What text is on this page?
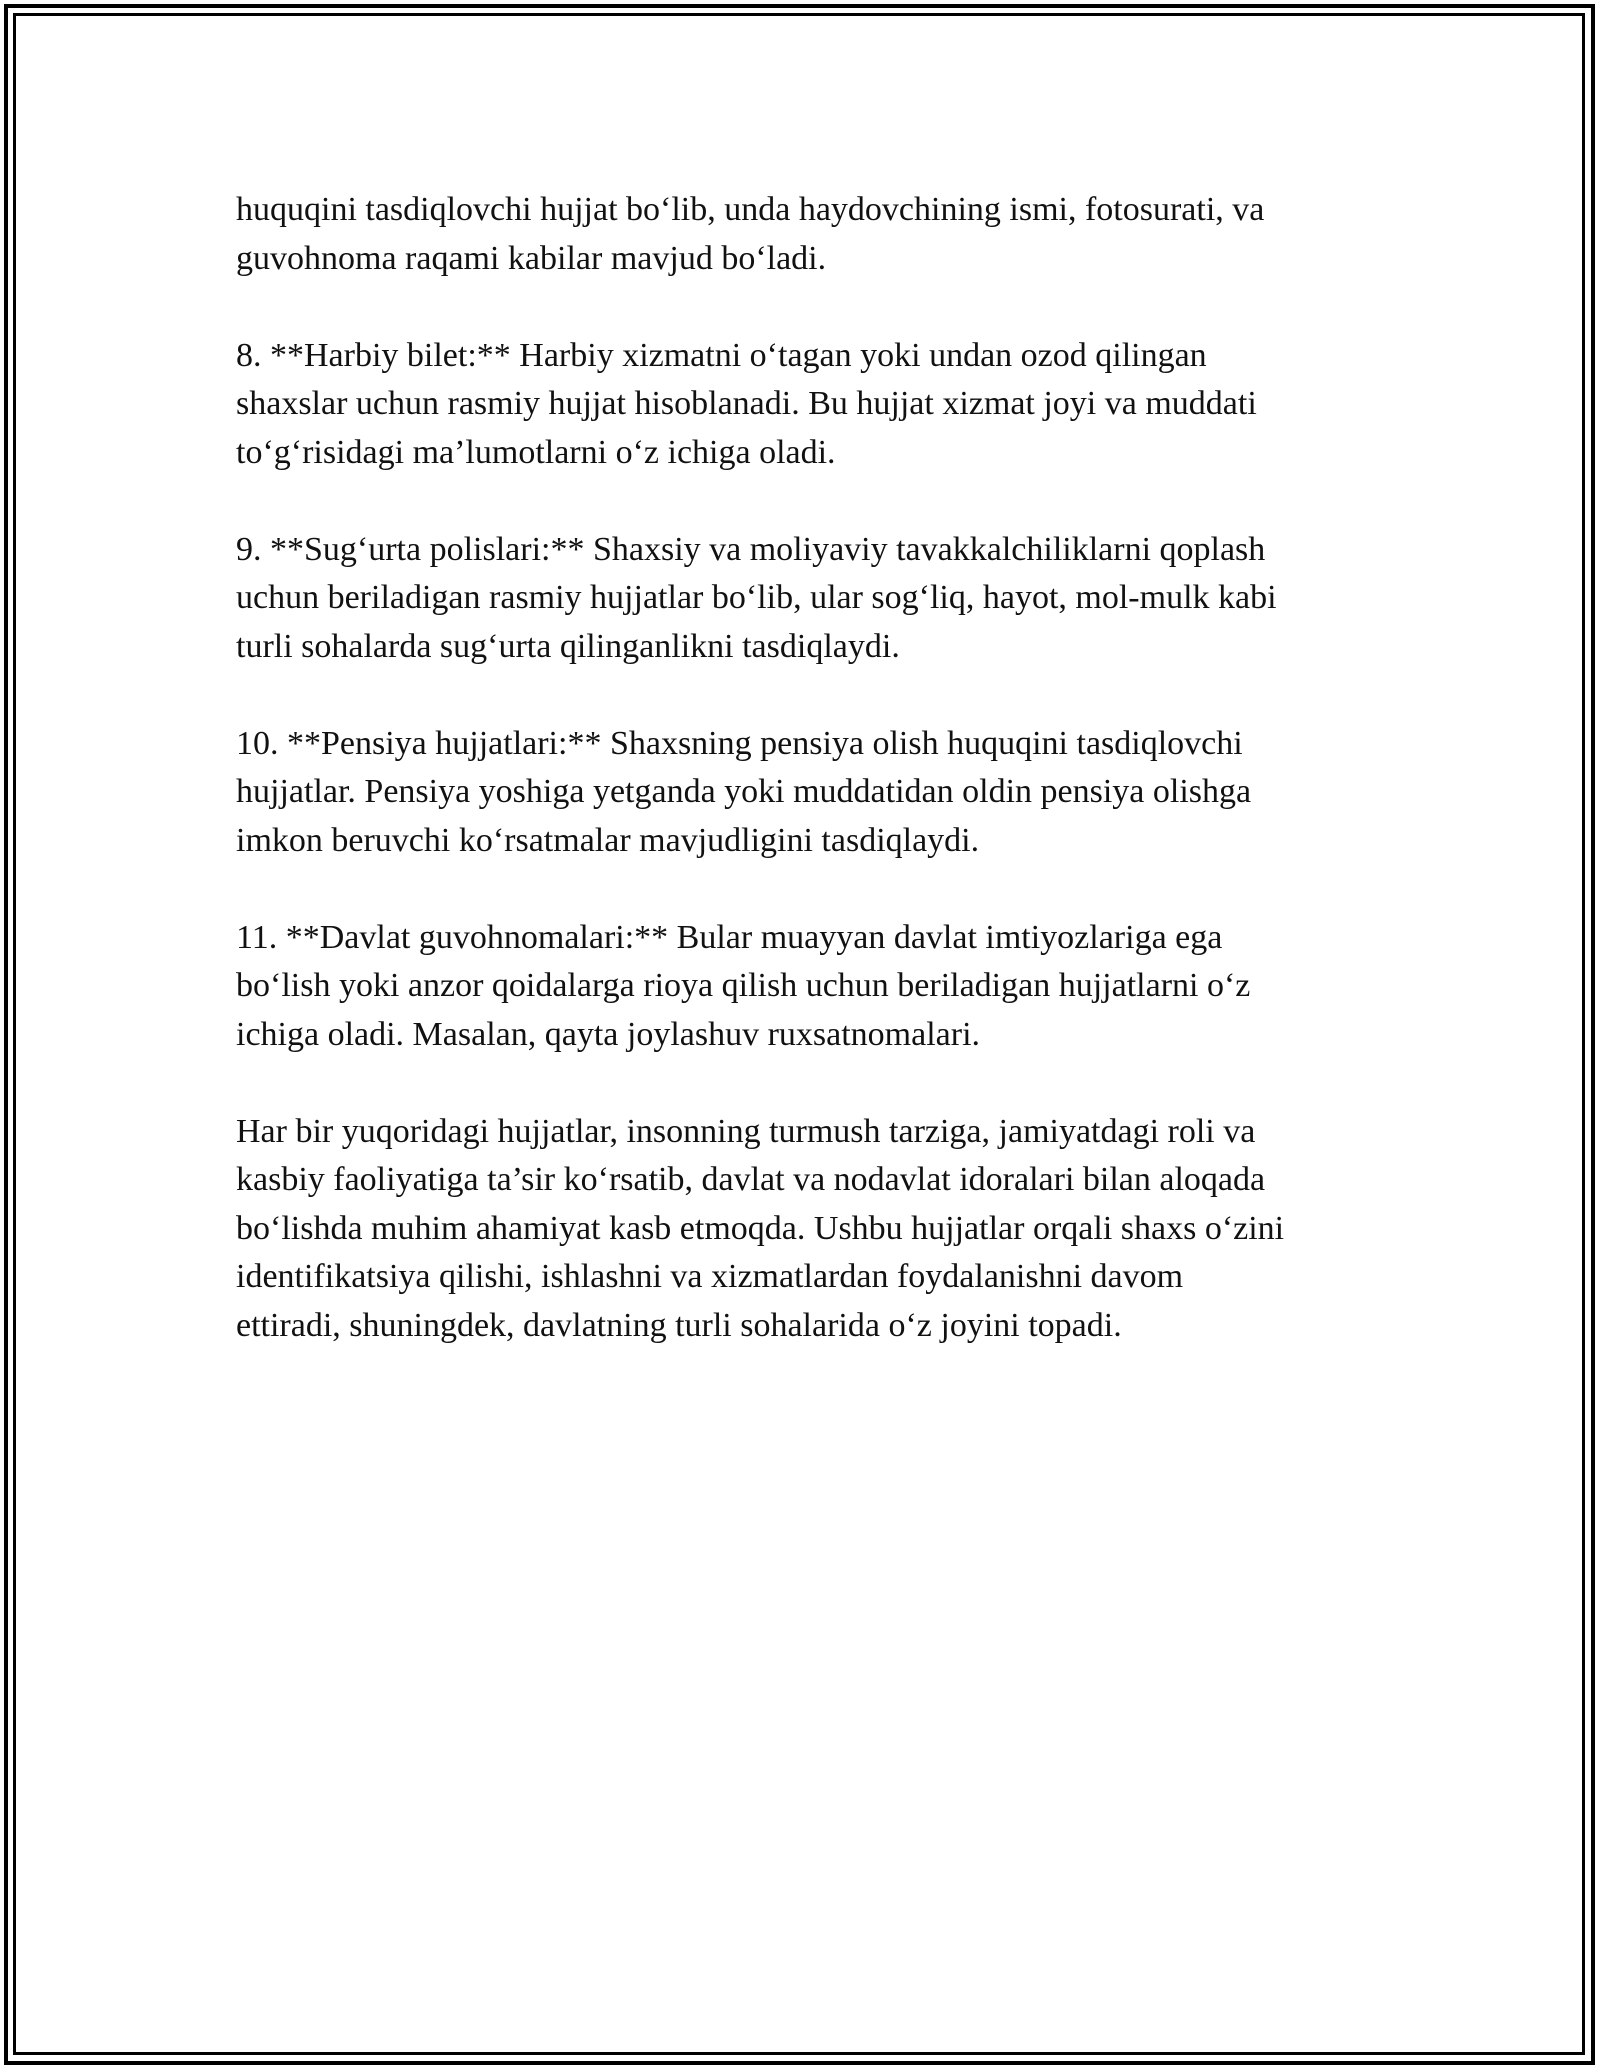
huquqini tasdiqlovchi hujjat bo‘lib, unda haydovchining ismi, fotosurati, va
guvohnoma raqami kabilar mavjud bo‘ladi.

8. **Harbiy bilet:** Harbiy xizmatni o‘tagan yoki undan ozod qilingan
shaxslar uchun rasmiy hujjat hisoblanadi. Bu hujjat xizmat joyi va muddati
to‘g‘risidagi ma’lumotlarni o‘z ichiga oladi.

9. **Sug‘urta polislari:** Shaxsiy va moliyaviy tavakkalchiliklarni qoplash
uchun beriladigan rasmiy hujjatlar bo‘lib, ular sog‘liq, hayot, mol-mulk kabi
turli sohalarda sug‘urta qilinganlikni tasdiqlaydi.

10. **Pensiya hujjatlari:** Shaxsning pensiya olish huquqini tasdiqlovchi
hujjatlar. Pensiya yoshiga yetganda yoki muddatidan oldin pensiya olishga
imkon beruvchi ko‘rsatmalar mavjudligini tasdiqlaydi.

11. **Davlat guvohnomalari:** Bular muayyan davlat imtiyozlariga ega
bo‘lish yoki anzor qoidalarga rioya qilish uchun beriladigan hujjatlarni o‘z
ichiga oladi. Masalan, qayta joylashuv ruxsatnomalari.

Har bir yuqoridagi hujjatlar, insonning turmush tarziga, jamiyatdagi roli va
kasbiy faoliyatiga ta’sir ko‘rsatib, davlat va nodavlat idoralari bilan aloqada
bo‘lishda muhim ahamiyat kasb etmoqda. Ushbu hujjatlar orqali shaxs o‘zini
identifikatsiya qilishi, ishlashni va xizmatlardan foydalanishni davom
ettiradi, shuningdek, davlatning turli sohalarida o‘z joyini topadi.
